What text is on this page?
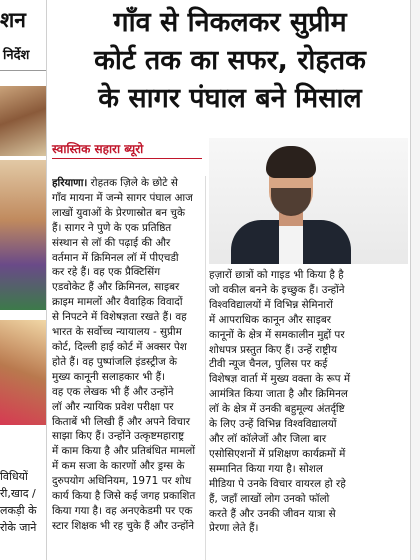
शन
निर्देश
विधियों
री,खाद /
लकड़ी के
रोके जाने
गाँव से निकलकर सुप्रीम
कोर्ट तक का सफर, रोहतक
के सागर पंघाल बने मिसाल
स्वास्तिक सहारा ब्यूरो
हरियाणा। रोहतक ज़िले के छोटे से
गाँव मायना में जन्मे सागर पंघाल आज
लाखों युवाओं के प्रेरणास्रोत बन चुके
हैं। सागर ने पुणे के एक प्रतिष्ठित
संस्थान से लॉ की पढ़ाई की और
वर्तमान में क्रिमिनल लॉ में पीएचडी
कर रहे हैं। वह एक प्रैक्टिसिंग
एडवोकेट हैं और क्रिमिनल, साइबर
क्राइम मामलों और वैवाहिक विवादों
से निपटने में विशेषज्ञता रखते हैं। वह
भारत के सर्वोच्च न्यायालय - सुप्रीम
कोर्ट, दिल्ली हाई कोर्ट में अक्सर पेश
होते हैं। वह पुष्पांजलि इंडस्ट्रीज के
मुख्य कानूनी सलाहकार भी हैं।
वह एक लेखक भी हैं और उन्होंने
लॉ और न्यायिक प्रवेश परीक्षा पर
किताबें भी लिखी हैं और अपने विचार
साझा किए हैं। उन्होंने उत्कृष्टमहाराष्ट्र
में काम किया है और प्रतिबंधित मामलों
में कम सजा के कारणों और ड्रग्स के
दुरुपयोग अधिनियम, 1971 पर शोध
कार्य किया है जिसे कई जगह प्रकाशित
किया गया है। वह अनएकेडमी पर एक
स्टार शिक्षक भी रह चुके हैं और उन्होंने
हज़ारों छात्रों को गाइड भी किया है है
जो वकील बनने के इच्छुक हैं। उन्होंने
विश्वविद्यालयों में विभिन्न सेमिनारों
में आपराधिक कानून और साइबर
कानूनों के क्षेत्र में समकालीन मुद्दों पर
शोधपत्र प्रस्तुत किए हैं। उन्हें राष्ट्रीय
टीवी न्यूज चैनल, पुलिस पर कई
विशेषज्ञ वार्ता में मुख्य वक्ता के रूप में
आमंत्रित किया जाता है और क्रिमिनल
लॉ के क्षेत्र में उनकी बहुमूल्य अंतर्दृष्टि
के लिए उन्हें विभिन्न विश्वविद्यालयों
और लॉ कॉलेजों और जिला बार
एसोसिएशनों में प्रशिक्षण कार्यक्रमों में
सम्मानित किया गया है। सोशल
मीडिया पे उनके विचार वायरल हो रहे
हैं, जहाँ लाखों लोग उनको फॉलो
करते हैं और उनकी जीवन यात्रा से
प्रेरणा लेते हैं।
